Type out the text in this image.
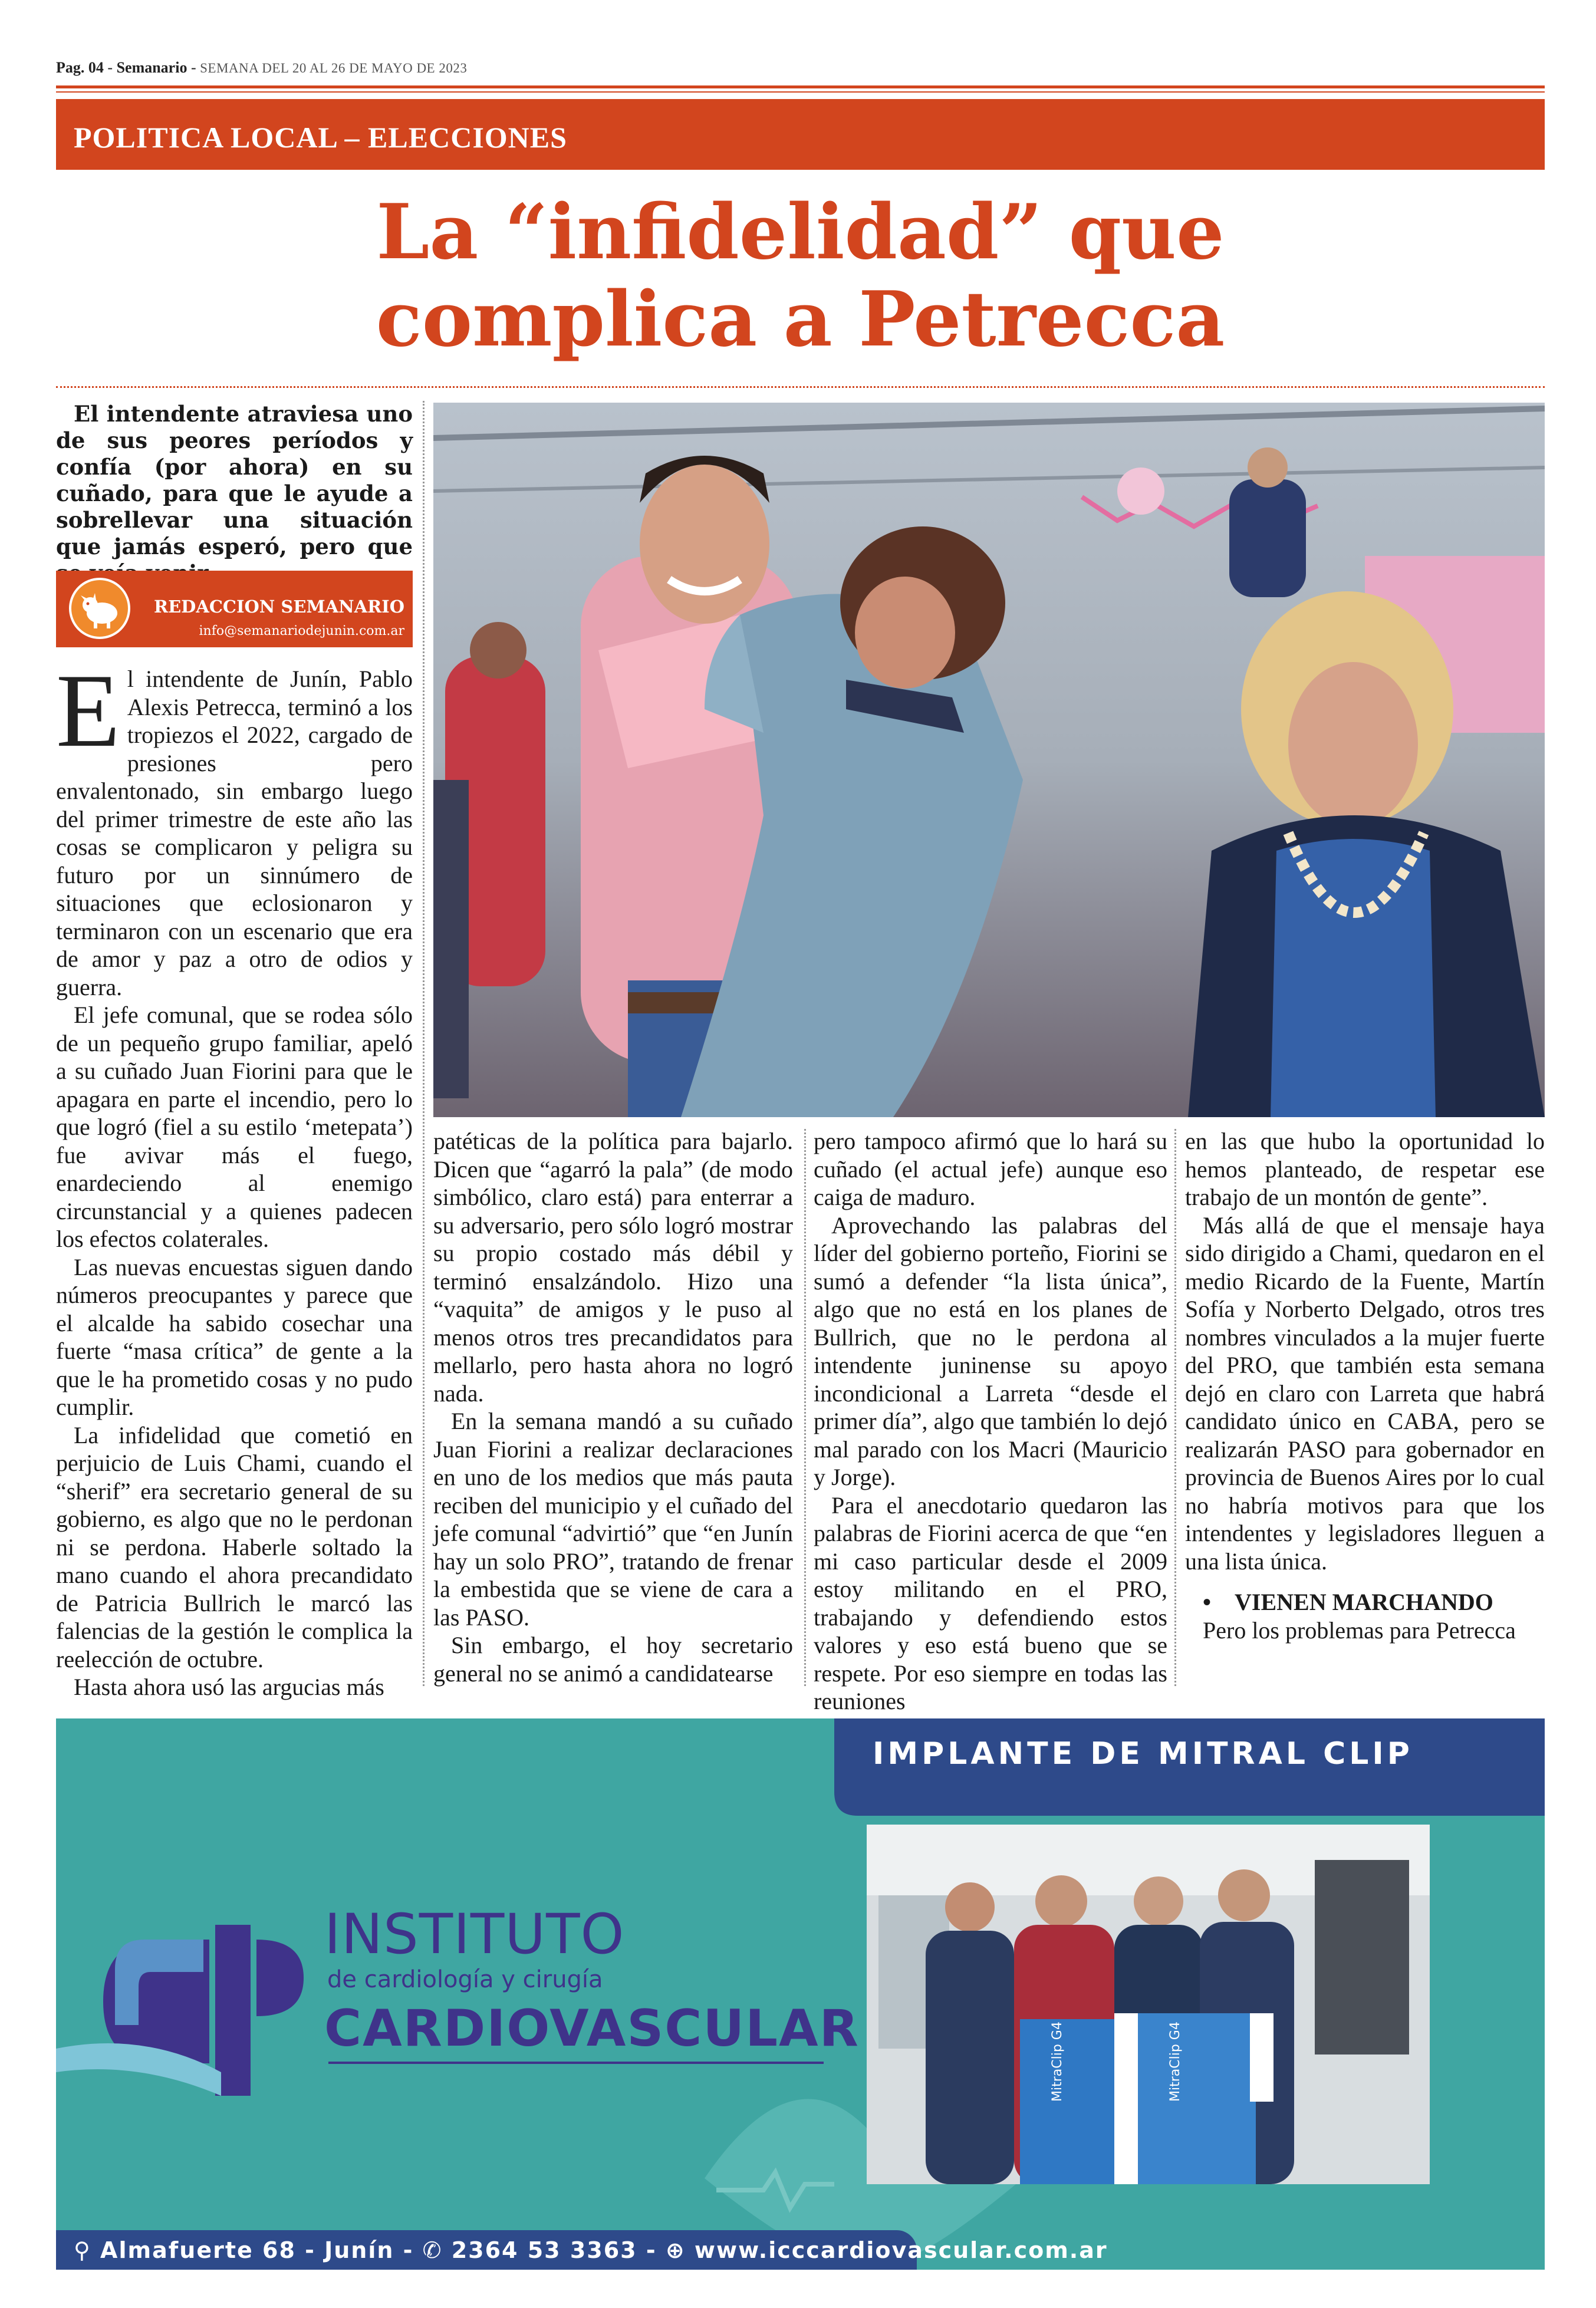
Pag. 04 - Semanario - SEMANA DEL 20 AL 26 DE MAYO DE 2023
POLITICA LOCAL – ELECCIONES
La “infidelidad” que
complica a Petrecca
El intendente atraviesa uno de sus peores períodos y confía (por ahora) en su cuñado, para que le ayude a sobrellevar una situación que jamás esperó, pero que
REDACCION SEMANARIO
info@semanariodejunin.com.ar

El intendente de Junín, Pablo Alexis Petrecca, terminó a los tropiezos el 2022, cargado de presiones pero envalentonado, sin embargo luego del primer trimestre de este año las cosas se complicaron y peligra su futuro por un sinnúmero de situaciones que eclosionaron y terminaron con un escenario que era de amor y paz a otro de odios y guerra.

El jefe comunal, que se rodea sólo de un pequeño grupo familiar, apeló a su cuñado Juan Fiorini para que le apagara en parte el incendio, pero lo que logró (fiel a su estilo ‘metepata’) fue avivar más el fuego, enardeciendo al enemigo circunstancial y a quienes padecen los efectos colaterales.

Las nuevas encuestas siguen dando números preocupantes y parece que el alcalde ha sabido cosechar una fuerte “masa crítica” de gente a la que le ha prometido cosas y no pudo cumplir.

La infidelidad que cometió en perjuicio de Luis Chami, cuando el “sherif” era secretario general de su gobierno, es algo que no le perdonan ni se perdona. Haberle soltado la mano cuando el ahora precandidato de Patricia Bullrich le marcó las falencias de la gestión le complica la reelección de octubre.

Hasta ahora usó las argucias más

patéticas de la política para bajarlo. Dicen que “agarró la pala” (de modo simbólico, claro está) para enterrar a su adversario, pero sólo logró mostrar su propio costado más débil y terminó ensalzándolo. Hizo una “vaquita” de amigos y le puso al menos otros tres precandidatos para mellarlo, pero hasta ahora no logró nada.

En la semana mandó a su cuñado Juan Fiorini a realizar declaraciones en uno de los medios que más pauta reciben del municipio y el cuñado del jefe comunal “advirtió” que “en Junín hay un solo PRO”, tratando de frenar la embestida que se viene de cara a las PASO.

Sin embargo, el hoy secretario general no se animó a candidatearse

pero tampoco afirmó que lo hará su cuñado (el actual jefe) aunque eso caiga de maduro.

Aprovechando las palabras del líder del gobierno porteño, Fiorini se sumó a defender “la lista única”, algo que no está en los planes de Bullrich, que no le perdona al intendente juninense su apoyo incondicional a Larreta “desde el primer día”, algo que también lo dejó mal parado con los Macri (Mauricio y Jorge).

Para el anecdotario quedaron las palabras de Fiorini acerca de que “en mi caso particular desde el 2009 estoy militando en el PRO, trabajando y defendiendo estos valores y eso está bueno que se respete. Por eso siempre en todas las reuniones

en las que hubo la oportunidad lo hemos planteado, de respetar ese trabajo de un montón de gente”.

Más allá de que el mensaje haya sido dirigido a Chami, quedaron en el medio Ricardo de la Fuente, Martín Sofía y Norberto Delgado, otros tres nombres vinculados a la mujer fuerte del PRO, que también esta semana dejó en claro con Larreta que habrá candidato único en CABA, pero se realizarán PASO para gobernador en provincia de Buenos Aires por lo cual no habría motivos para que los intendentes y legisladores lleguen a una lista única.

• VIENEN MARCHANDO

Pero los problemas para Petrecca

IMPLANTE DE MITRAL CLIP
MitraClip G4	MitraClip G4
INSTITUTO
de cardiología y cirugía
CARDIOVASCULAR
⚲ Almafuerte 68 - Junín - ✆ 2364 53 3363 - ⊕ www.icccardiovascular.com.ar
